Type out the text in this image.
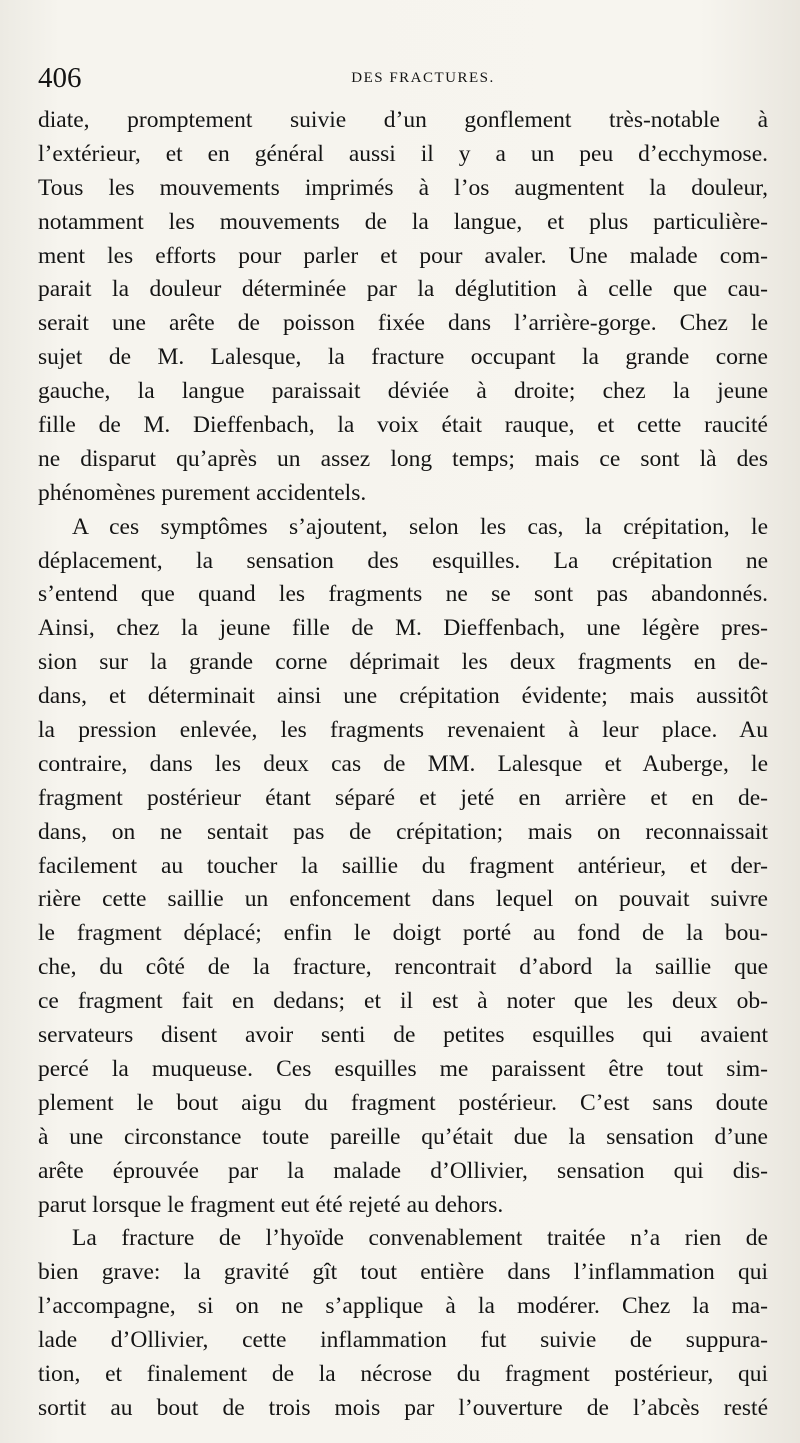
406	DES FRACTURES.
diate, promptement suivie d’un gonflement très-notable à
l’extérieur, et en général aussi il y a un peu d’ecchymose.
Tous les mouvements imprimés à l’os augmentent la douleur,
notamment les mouvements de la langue, et plus particulière-
ment les efforts pour parler et pour avaler. Une malade com-
parait la douleur déterminée par la déglutition à celle que cau-
serait une arête de poisson fixée dans l’arrière-gorge. Chez le
sujet de M. Lalesque, la fracture occupant la grande corne
gauche, la langue paraissait déviée à droite; chez la jeune
fille de M. Dieffenbach, la voix était rauque, et cette raucité
ne disparut qu’après un assez long temps; mais ce sont là des
phénomènes purement accidentels.
A ces symptômes s’ajoutent, selon les cas, la crépitation, le
déplacement, la sensation des esquilles. La crépitation ne
s’entend que quand les fragments ne se sont pas abandonnés.
Ainsi, chez la jeune fille de M. Dieffenbach, une légère pres-
sion sur la grande corne déprimait les deux fragments en de-
dans, et déterminait ainsi une crépitation évidente; mais aussitôt
la pression enlevée, les fragments revenaient à leur place. Au
contraire, dans les deux cas de MM. Lalesque et Auberge, le
fragment postérieur étant séparé et jeté en arrière et en de-
dans, on ne sentait pas de crépitation; mais on reconnaissait
facilement au toucher la saillie du fragment antérieur, et der-
rière cette saillie un enfoncement dans lequel on pouvait suivre
le fragment déplacé; enfin le doigt porté au fond de la bou-
che, du côté de la fracture, rencontrait d’abord la saillie que
ce fragment fait en dedans; et il est à noter que les deux ob-
servateurs disent avoir senti de petites esquilles qui avaient
percé la muqueuse. Ces esquilles me paraissent être tout sim-
plement le bout aigu du fragment postérieur. C’est sans doute
à une circonstance toute pareille qu’était due la sensation d’une
arête éprouvée par la malade d’Ollivier, sensation qui dis-
parut lorsque le fragment eut été rejeté au dehors.
La fracture de l’hyoïde convenablement traitée n’a rien de
bien grave: la gravité gît tout entière dans l’inflammation qui
l’accompagne, si on ne s’applique à la modérer. Chez la ma-
lade d’Ollivier, cette inflammation fut suivie de suppura-
tion, et finalement de la nécrose du fragment postérieur, qui
sortit au bout de trois mois par l’ouverture de l’abcès resté
